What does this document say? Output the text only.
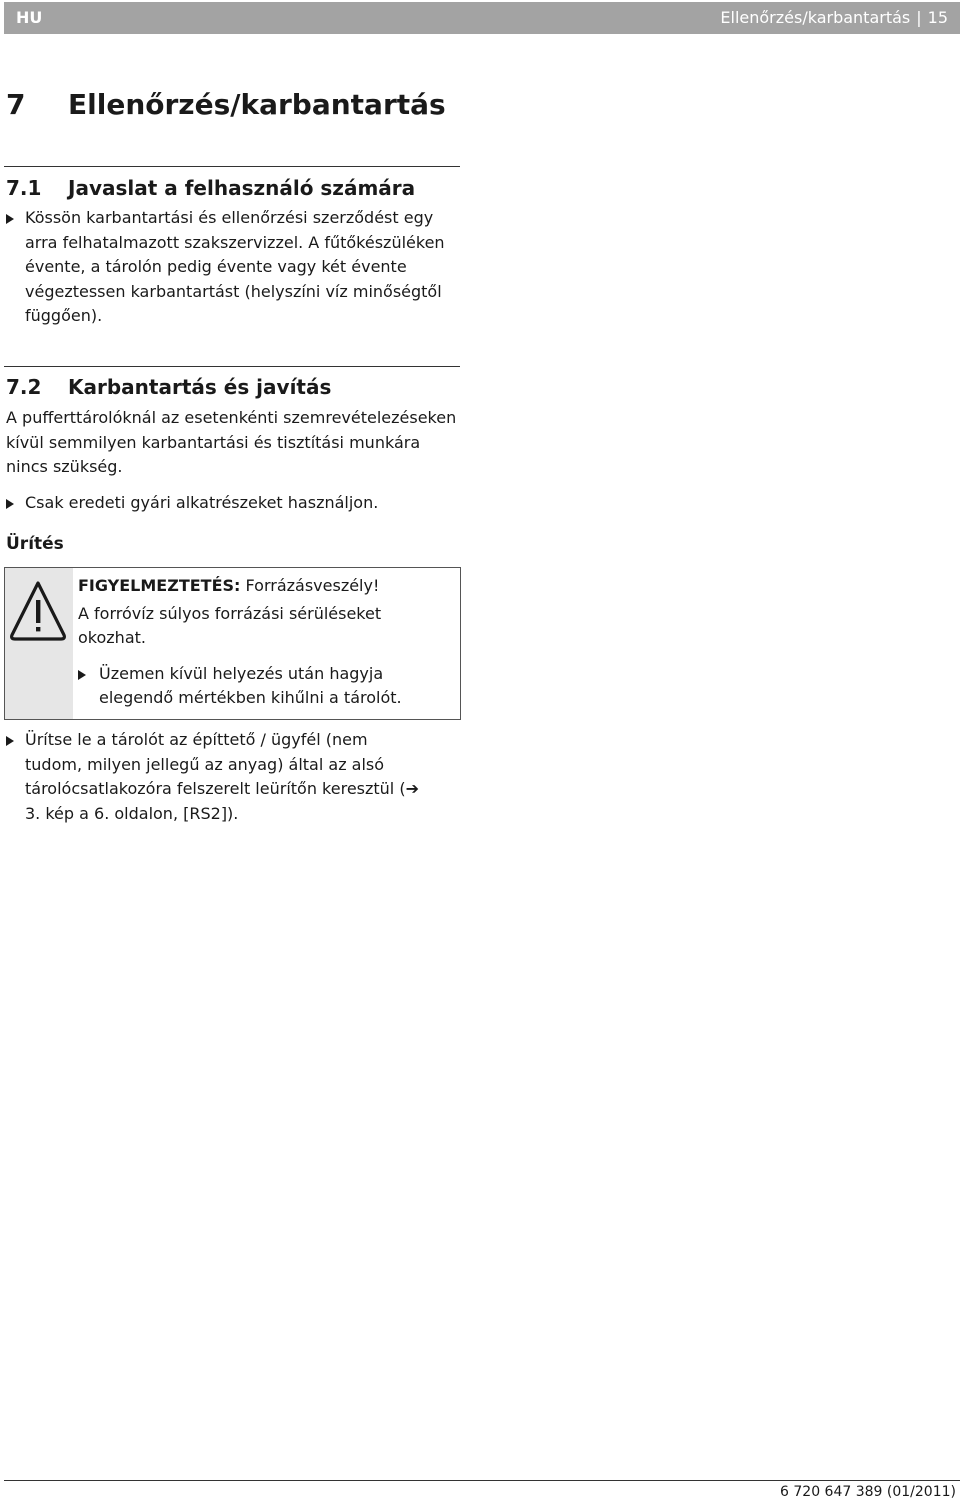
HU	Ellenőrzés/karbantartás | 15
7 Ellenőrzés/karbantartás
7.1 Javaslat a felhasználó számára
Kössön karbantartási és ellenőrzési szerződést egy arra felhatalmazott szakszervizzel. A fűtőkészüléken évente, a tárolón pedig évente vagy két évente végeztessen karbantartást (helyszíni víz minőségtől függően).
7.2 Karbantartás és javítás
A pufferttárolóknál az esetenkénti szemrevételezéseken kívül semmilyen karbantartási és tisztítási munkára nincs szükség.
Csak eredeti gyári alkatrészeket használjon.
Ürítés
FIGYELMEZTETÉS: Forrázásveszély!
A forróvíz súlyos forrázási sérüléseket okozhat.
Üzemen kívül helyezés után hagyja elegendő mértékben kihűlni a tárolót.
Ürítse le a tárolót az építtető / ügyfél (nem tudom, milyen jellegű az anyag) által az alsó tárolócsatlakozóra felszerelt leürítőn keresztül (➔ 3. kép a 6. oldalon, [RS2]).
6 720 647 389 (01/2011)
